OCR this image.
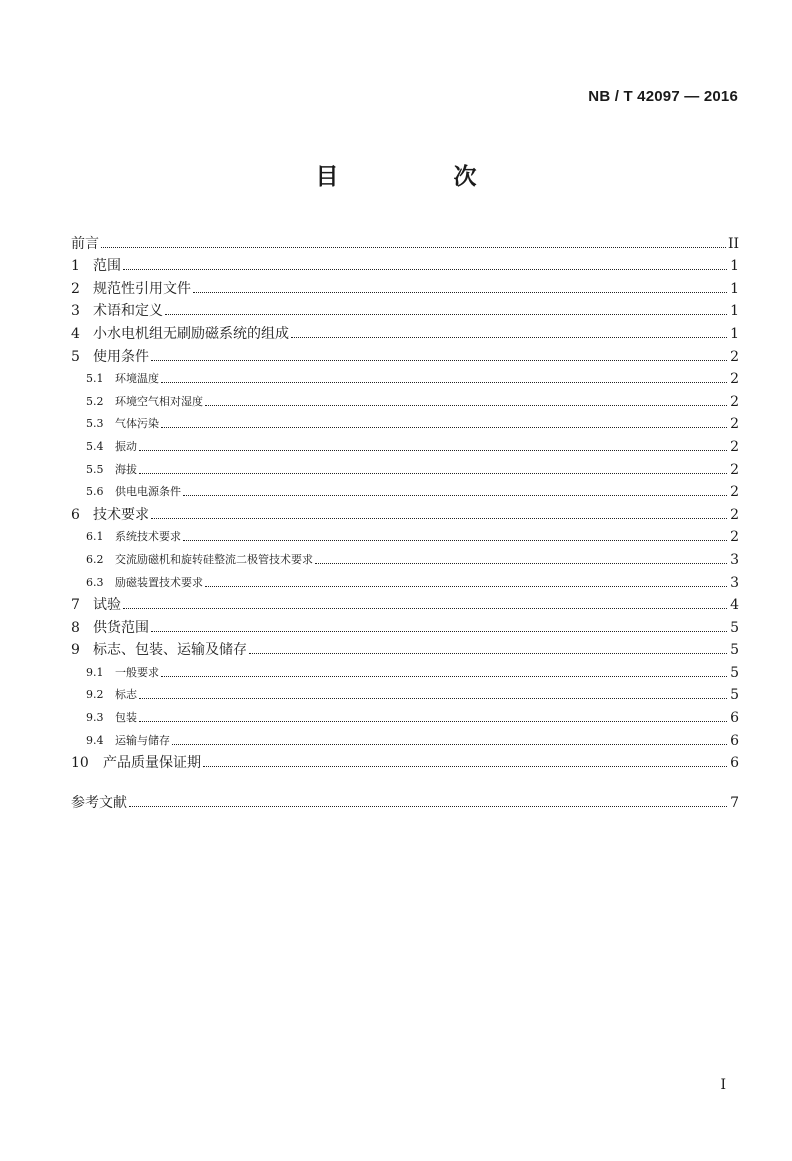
NB / T 42097 — 2016
目　次
前言	II
1 范围	1
2 规范性引用文件	1
3 术语和定义	1
4 小水电机组无刷励磁系统的组成	1
5 使用条件	2
5.1	环境温度	2
5.2	环境空气相对湿度	2
5.3	气体污染	2
5.4	振动	2
5.5	海拔	2
5.6	供电电源条件	2
6 技术要求	2
6.1	系统技术要求	2
6.2	交流励磁机和旋转硅整流二极管技术要求	3
6.3	励磁装置技术要求	3
7 试验	4
8 供货范围	5
9 标志、包装、运输及储存	5
9.1	一般要求	5
9.2	标志	5
9.3	包装	6
9.4	运输与储存	6
10	产品质量保证期	6
参考文献	7
I
